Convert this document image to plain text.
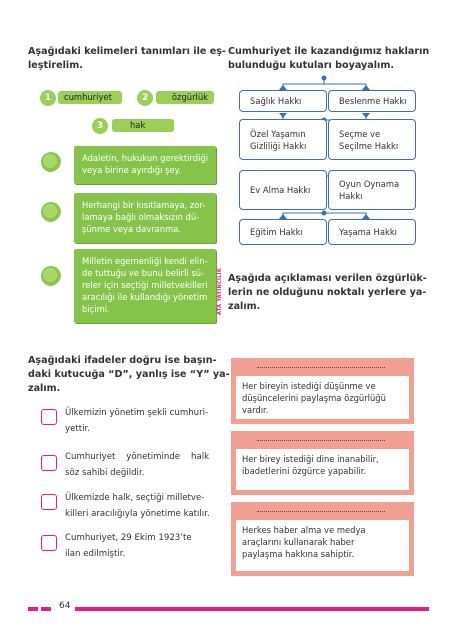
Aşağıdaki kelimeleri tanımları ile eş-
leştirelim.
1	cumhuriyet	2	özgürlük
3	hak
Adaletin, hukukun gerektirdiği
veya birine ayırdığı şey.
Herhangi bir kısıtlamaya, zor-
lamaya bağlı olmaksızın dü-
şünme veya davranma.
Milletin egemenliği kendi elin-
de tuttuğu ve bunu belirli sü-
reler için seçtiği milletvekilleri
aracılığı ile kullandığı yönetim
biçimi.
Cumhuriyet ile kazandığımız hakların
bulunduğu kutuları boyayalım.
Sağlık Hakkı	Beslenme Hakkı
Özel Yaşamın
Gizliliği Hakkı
Seçme ve
Seçilme Hakkı
Ev Alma Hakkı
Oyun Oynama
Hakkı
Eğitim Hakkı	Yaşama Hakkı
ATA YAYINCILIK
Aşağıdaki ifadeler doğru ise başın-
daki kutucuğa “D”, yanlış ise “Y” ya-
zalım.
Ülkemizin yönetim şekli cumhuri-
yettir.
Cumhuriyet    yönetiminde    halk
söz sahibi değildir.
Ülkemizde halk, seçtiği milletve-
killeri aracılığıyla yönetime katılır.
Cumhuriyet, 29 Ekim 1923’te
ilan edilmiştir.
Aşağıda açıklaması verilen özgürlük-
lerin ne olduğunu noktalı yerlere ya-
zalım.
Her bireyin istediği düşünme ve
düşüncelerini paylaşma özgürlüğü
vardır.
Her birey istediği dine inanabilir,
ibadetlerini özgürce yapabilir.
Herkes haber alma ve medya
araçlarını kullanarak haber
paylaşma hakkına sahiptir.
64
